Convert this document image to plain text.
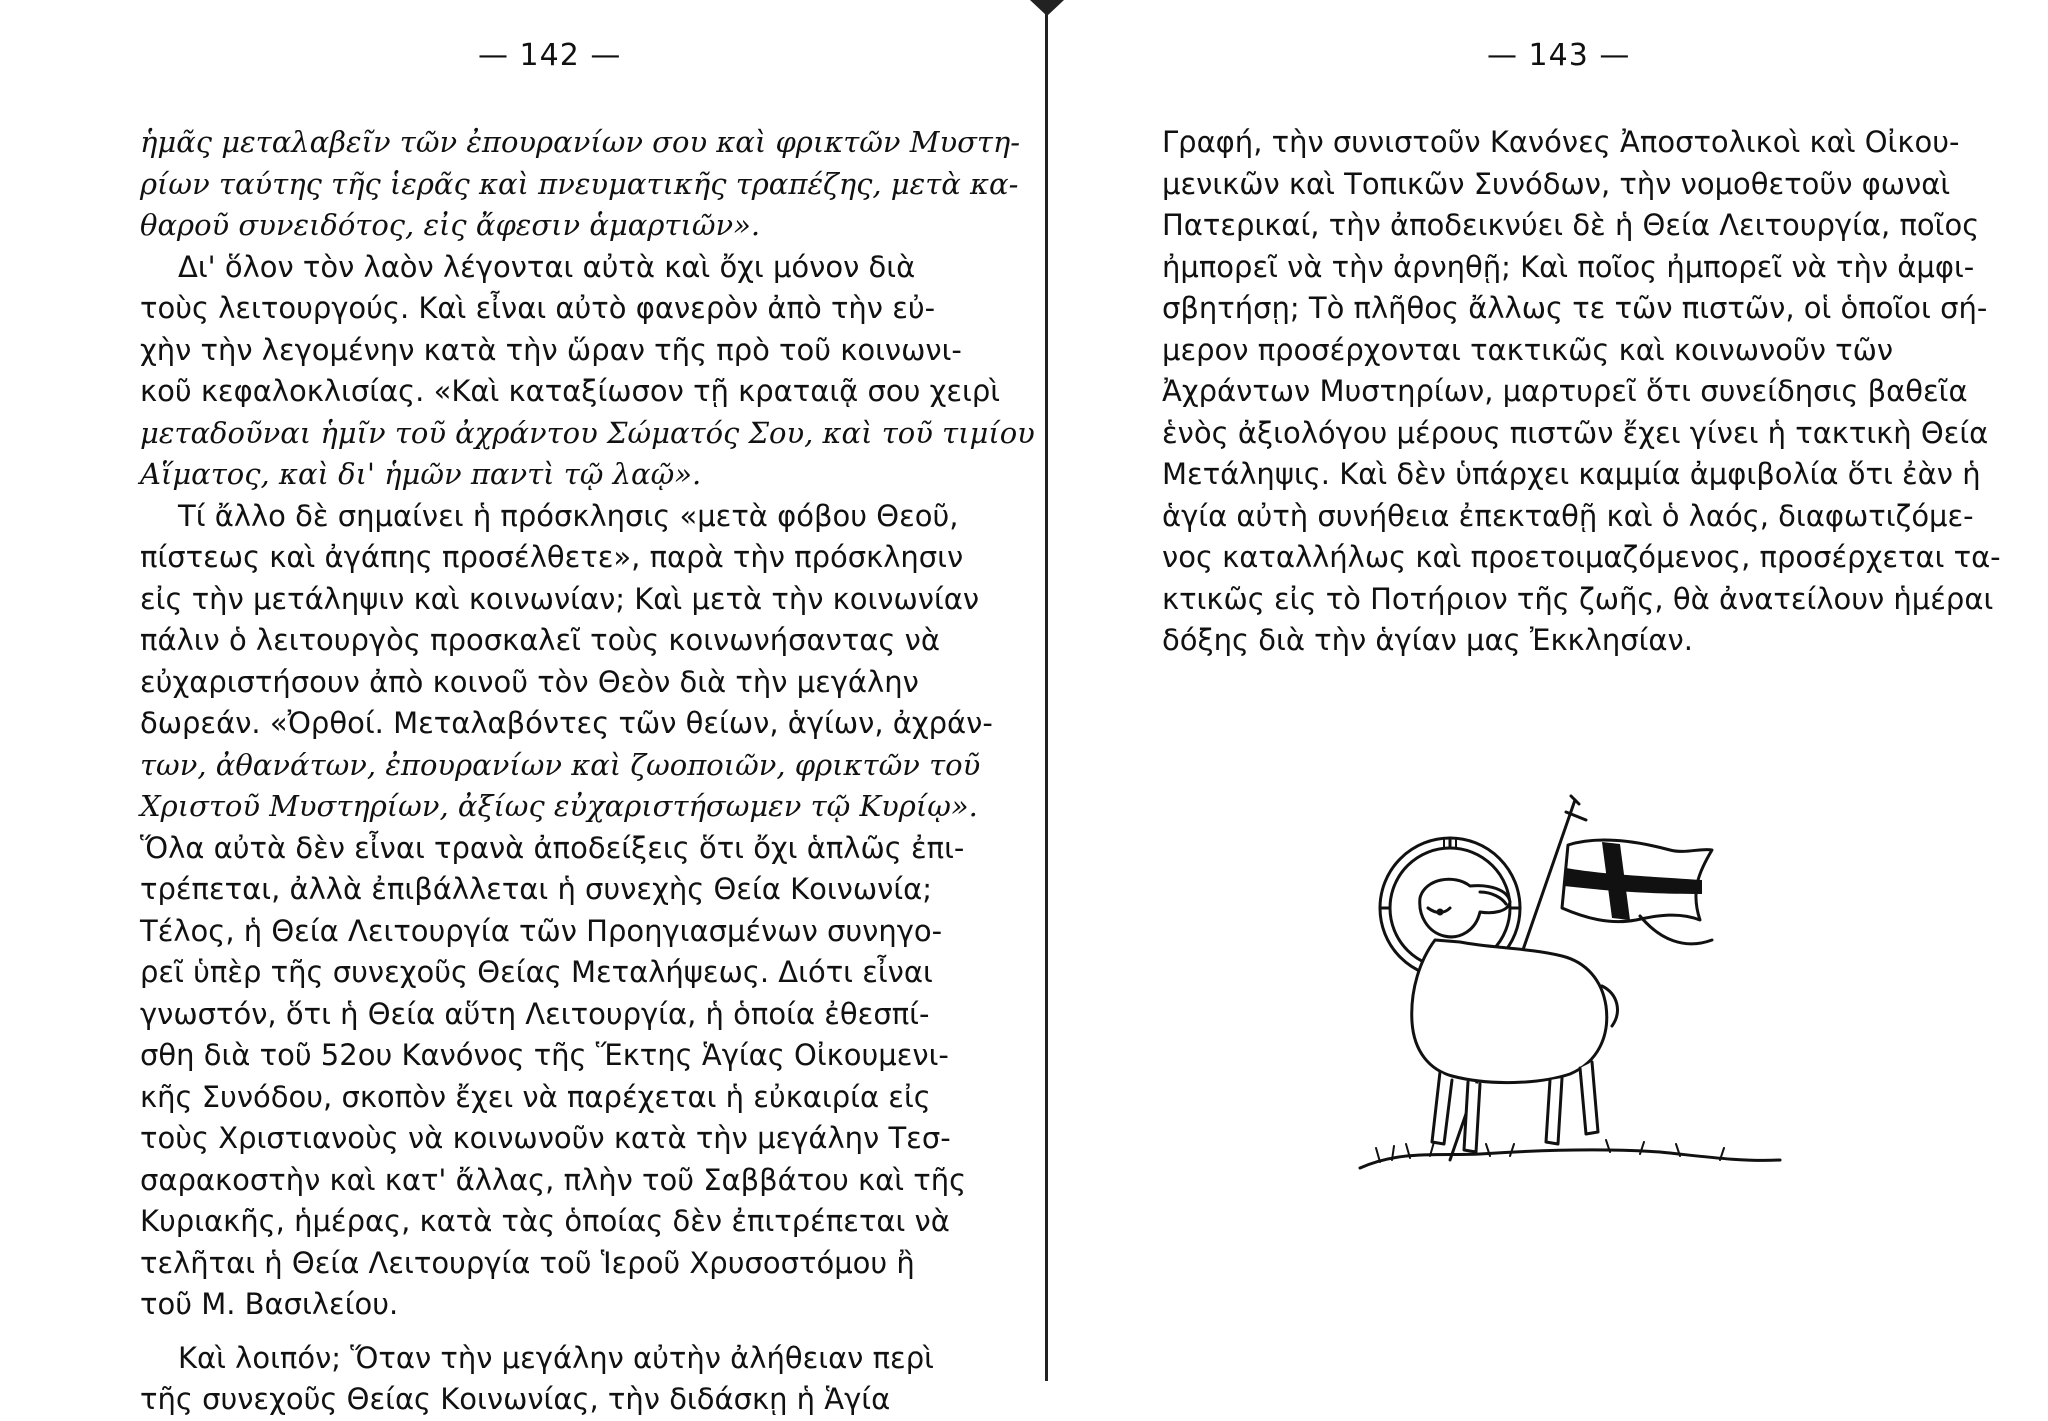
— 142 —
ἡμᾶς μεταλαβεῖν τῶν ἐπουρανίων σου καὶ φρικτῶν Μυστη-
ρίων ταύτης τῆς ἱερᾶς καὶ πνευματικῆς τραπέζης, μετὰ κα-
θαροῦ συνειδότος, εἰς ἄφεσιν ἁμαρτιῶν».
Δι' ὅλον τὸν λαὸν λέγονται αὐτὰ καὶ ὄχι μόνον διὰ
τοὺς λειτουργούς. Καὶ εἶναι αὐτὸ φανερὸν ἀπὸ τὴν εὐ-
χὴν τὴν λεγομένην κατὰ τὴν ὥραν τῆς πρὸ τοῦ κοινωνι-
κοῦ κεφαλοκλισίας. «Καὶ καταξίωσον τῇ κραταιᾷ σου χειρὶ
μεταδοῦναι ἡμῖν τοῦ ἀχράντου Σώματός Σου, καὶ τοῦ τιμίου
Αἵματος, καὶ δι' ἡμῶν παντὶ τῷ λαῷ».
Τί ἄλλο δὲ σημαίνει ἡ πρόσκλησις «μετὰ φόβου Θεοῦ,
πίστεως καὶ ἀγάπης προσέλθετε», παρὰ τὴν πρόσκλησιν
εἰς τὴν μετάληψιν καὶ κοινωνίαν; Καὶ μετὰ τὴν κοινωνίαν
πάλιν ὁ λειτουργὸς προσκαλεῖ τοὺς κοινωνήσαντας νὰ
εὐχαριστήσουν ἀπὸ κοινοῦ τὸν Θεὸν διὰ τὴν μεγάλην
δωρεάν. «Ὀρθοί. Μεταλαβόντες τῶν θείων, ἁγίων, ἀχράν-
των, ἀθανάτων, ἐπουρανίων καὶ ζωοποιῶν, φρικτῶν τοῦ
Χριστοῦ Μυστηρίων, ἀξίως εὐχαριστήσωμεν τῷ Κυρίῳ».
Ὅλα αὐτὰ δὲν εἶναι τρανὰ ἀποδείξεις ὅτι ὄχι ἁπλῶς ἐπι-
τρέπεται, ἀλλὰ ἐπιβάλλεται ἡ συνεχὴς Θεία Κοινωνία;
Τέλος, ἡ Θεία Λειτουργία τῶν Προηγιασμένων συνηγο-
ρεῖ ὑπὲρ τῆς συνεχοῦς Θείας Μεταλήψεως. Διότι εἶναι
γνωστόν, ὅτι ἡ Θεία αὕτη Λειτουργία, ἡ ὁποία ἐθεσπί-
σθη διὰ τοῦ 52ου Κανόνος τῆς Ἕκτης Ἁγίας Οἰκουμενι-
κῆς Συνόδου, σκοπὸν ἔχει νὰ παρέχεται ἡ εὐκαιρία εἰς
τοὺς Χριστιανοὺς νὰ κοινωνοῦν κατὰ τὴν μεγάλην Τεσ-
σαρακοστὴν καὶ κατ' ἄλλας, πλὴν τοῦ Σαββάτου καὶ τῆς
Κυριακῆς, ἡμέρας, κατὰ τὰς ὁποίας δὲν ἐπιτρέπεται νὰ
τελῆται ἡ Θεία Λειτουργία τοῦ Ἱεροῦ Χρυσοστόμου ἢ
τοῦ Μ. Βασιλείου.
Καὶ λοιπόν; Ὅταν τὴν μεγάλην αὐτὴν ἀλήθειαν περὶ
τῆς συνεχοῦς Θείας Κοινωνίας, τὴν διδάσκῃ ἡ Ἁγία
— 143 —
Γραφή, τὴν συνιστοῦν Κανόνες Ἀποστολικοὶ καὶ Οἰκου-
μενικῶν καὶ Τοπικῶν Συνόδων, τὴν νομοθετοῦν φωναὶ
Πατερικαί, τὴν ἀποδεικνύει δὲ ἡ Θεία Λειτουργία, ποῖος
ἠμπορεῖ νὰ τὴν ἀρνηθῇ; Καὶ ποῖος ἠμπορεῖ νὰ τὴν ἀμφι-
σβητήσῃ; Τὸ πλῆθος ἄλλως τε τῶν πιστῶν, οἱ ὁποῖοι σή-
μερον προσέρχονται τακτικῶς καὶ κοινωνοῦν τῶν
Ἀχράντων Μυστηρίων, μαρτυρεῖ ὅτι συνείδησις βαθεῖα
ἑνὸς ἀξιολόγου μέρους πιστῶν ἔχει γίνει ἡ τακτικὴ Θεία
Μετάληψις. Καὶ δὲν ὑπάρχει καμμία ἀμφιβολία ὅτι ἐὰν ἡ
ἁγία αὐτὴ συνήθεια ἐπεκταθῇ καὶ ὁ λαός, διαφωτιζόμε-
νος καταλλήλως καὶ προετοιμαζόμενος, προσέρχεται τα-
κτικῶς εἰς τὸ Ποτήριον τῆς ζωῆς, θὰ ἀνατείλουν ἡμέραι
δόξης διὰ τὴν ἁγίαν μας Ἐκκλησίαν.
